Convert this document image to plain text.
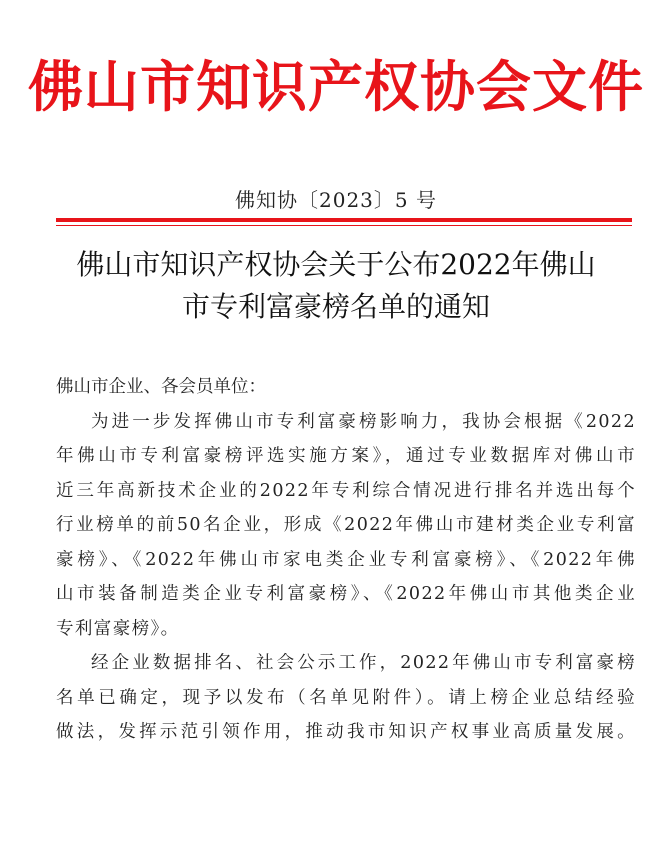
佛山市知识产权协会文件
佛知协〔2023〕5 号
佛山市知识产权协会关于公布2022年佛山
市专利富豪榜名单的通知

佛山市企业、各会员单位：

为进一步发挥佛山市专利富豪榜影响力，我协会根据《2022
年佛山市专利富豪榜评选实施方案》，通过专业数据库对佛山市
近三年高新技术企业的2022年专利综合情况进行排名并选出每个
行业榜单的前50名企业，形成《2022年佛山市建材类企业专利富
豪榜》、《2022年佛山市家电类企业专利富豪榜》、《2022年佛
山市装备制造类企业专利富豪榜》、《2022年佛山市其他类企业
专利富豪榜》。
经企业数据排名、社会公示工作，2022年佛山市专利富豪榜
名单已确定，现予以发布（名单见附件）。请上榜企业总结经验
做法，发挥示范引领作用，推动我市知识产权事业高质量发展。
